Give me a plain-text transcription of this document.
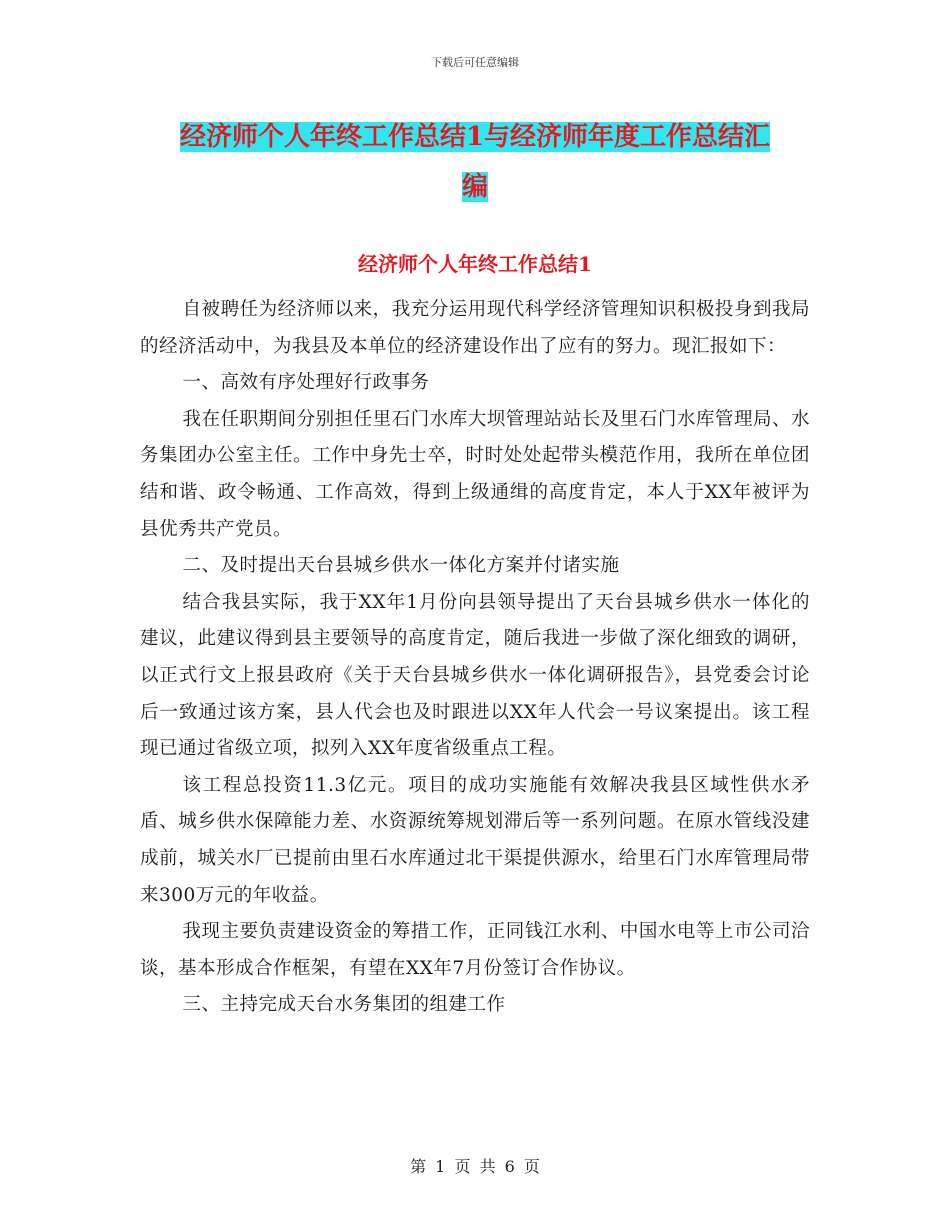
下载后可任意编辑
经济师个人年终工作总结1与经济师年度工作总结汇
编
经济师个人年终工作总结1

自被聘任为经济师以来，我充分运用现代科学经济管理知识积极投身到我局的经济活动中，为我县及本单位的经济建设作出了应有的努力。现汇报如下：

一、高效有序处理好行政事务

我在任职期间分别担任里石门水库大坝管理站站长及里石门水库管理局、水务集团办公室主任。工作中身先士卒，时时处处起带头模范作用，我所在单位团结和谐、政令畅通、工作高效，得到上级通缉的高度肯定，本人于XX年被评为县优秀共产党员。

二、及时提出天台县城乡供水一体化方案并付诸实施

结合我县实际，我于XX年1月份向县领导提出了天台县城乡供水一体化的建议，此建议得到县主要领导的高度肯定，随后我进一步做了深化细致的调研，以正式行文上报县政府《关于天台县城乡供水一体化调研报告》，县党委会讨论后一致通过该方案，县人代会也及时跟进以XX年人代会一号议案提出。该工程现已通过省级立项，拟列入XX年度省级重点工程。

该工程总投资11.3亿元。项目的成功实施能有效解决我县区域性供水矛盾、城乡供水保障能力差、水资源统筹规划滞后等一系列问题。在原水管线没建成前，城关水厂已提前由里石水库通过北干渠提供源水，给里石门水库管理局带来300万元的年收益。

我现主要负责建设资金的筹措工作，正同钱江水利、中国水电等上市公司洽谈，基本形成合作框架，有望在XX年7月份签订合作协议。

三、主持完成天台水务集团的组建工作

第 1 页 共 6 页
